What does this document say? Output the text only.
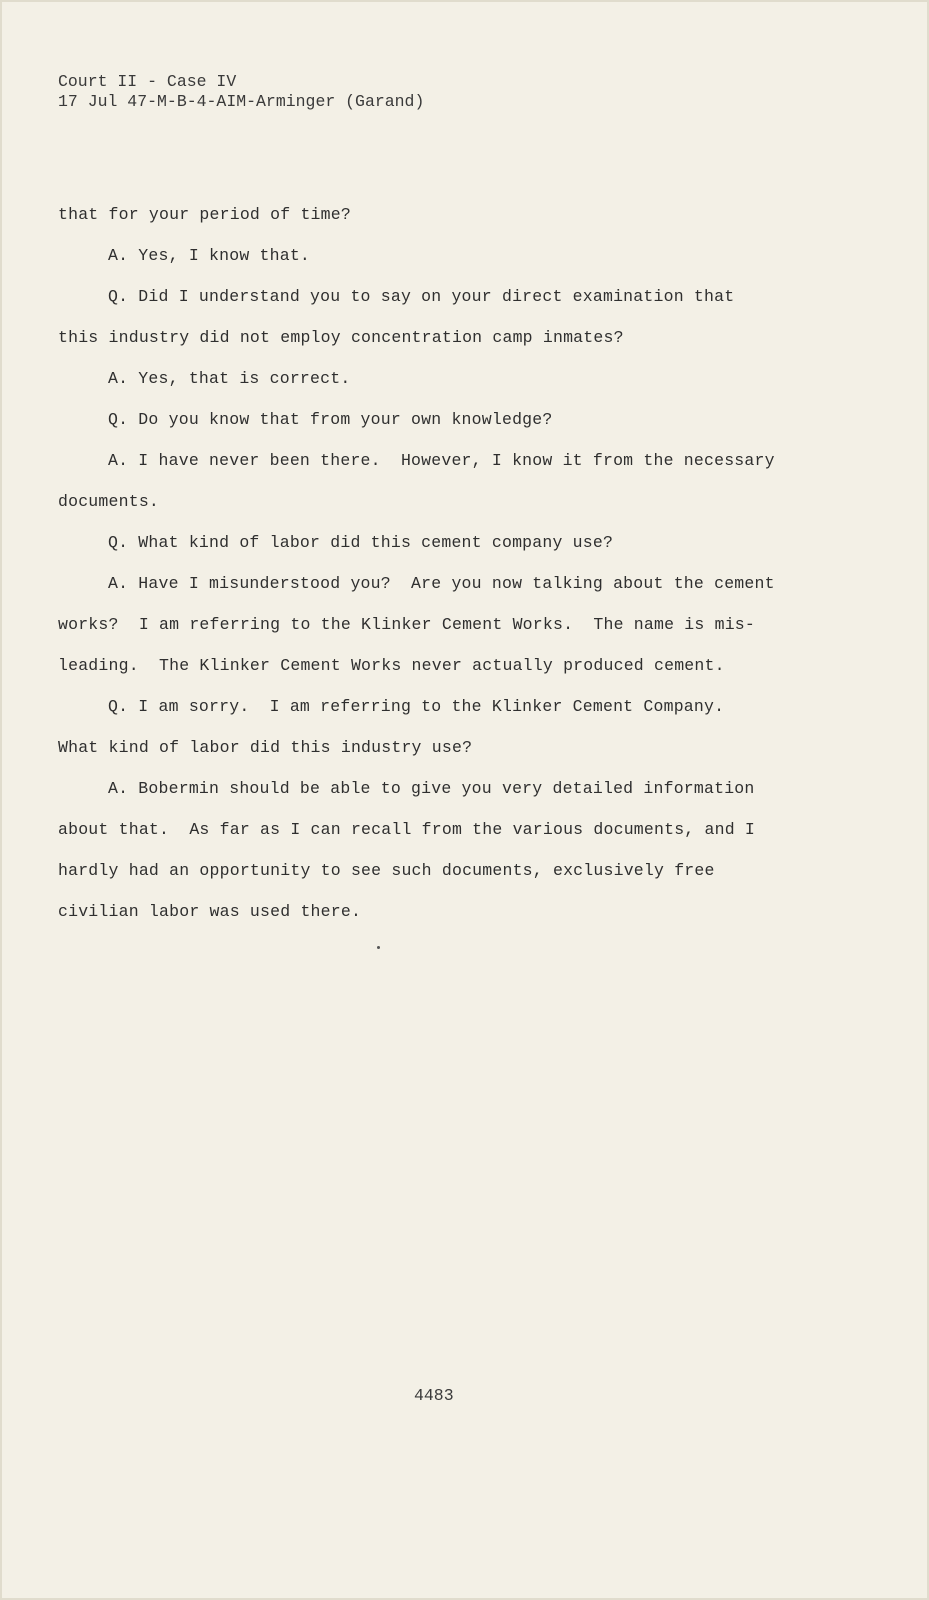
Court II - Case IV
17 Jul 47-M-B-4-AIM-Arminger (Garand)
that for your period of time?
A. Yes, I know that.
Q. Did I understand you to say on your direct examination that
this industry did not employ concentration camp inmates?
A. Yes, that is correct.
Q. Do you know that from your own knowledge?
A. I have never been there.  However, I know it from the necessary
documents.
Q. What kind of labor did this cement company use?
A. Have I misunderstood you?  Are you now talking about the cement
works?  I am referring to the Klinker Cement Works.  The name is mis-
leading.  The Klinker Cement Works never actually produced cement.
Q. I am sorry.  I am referring to the Klinker Cement Company.
What kind of labor did this industry use?
A. Bobermin should be able to give you very detailed information
about that.  As far as I can recall from the various documents, and I
hardly had an opportunity to see such documents, exclusively free
civilian labor was used there.
4483
